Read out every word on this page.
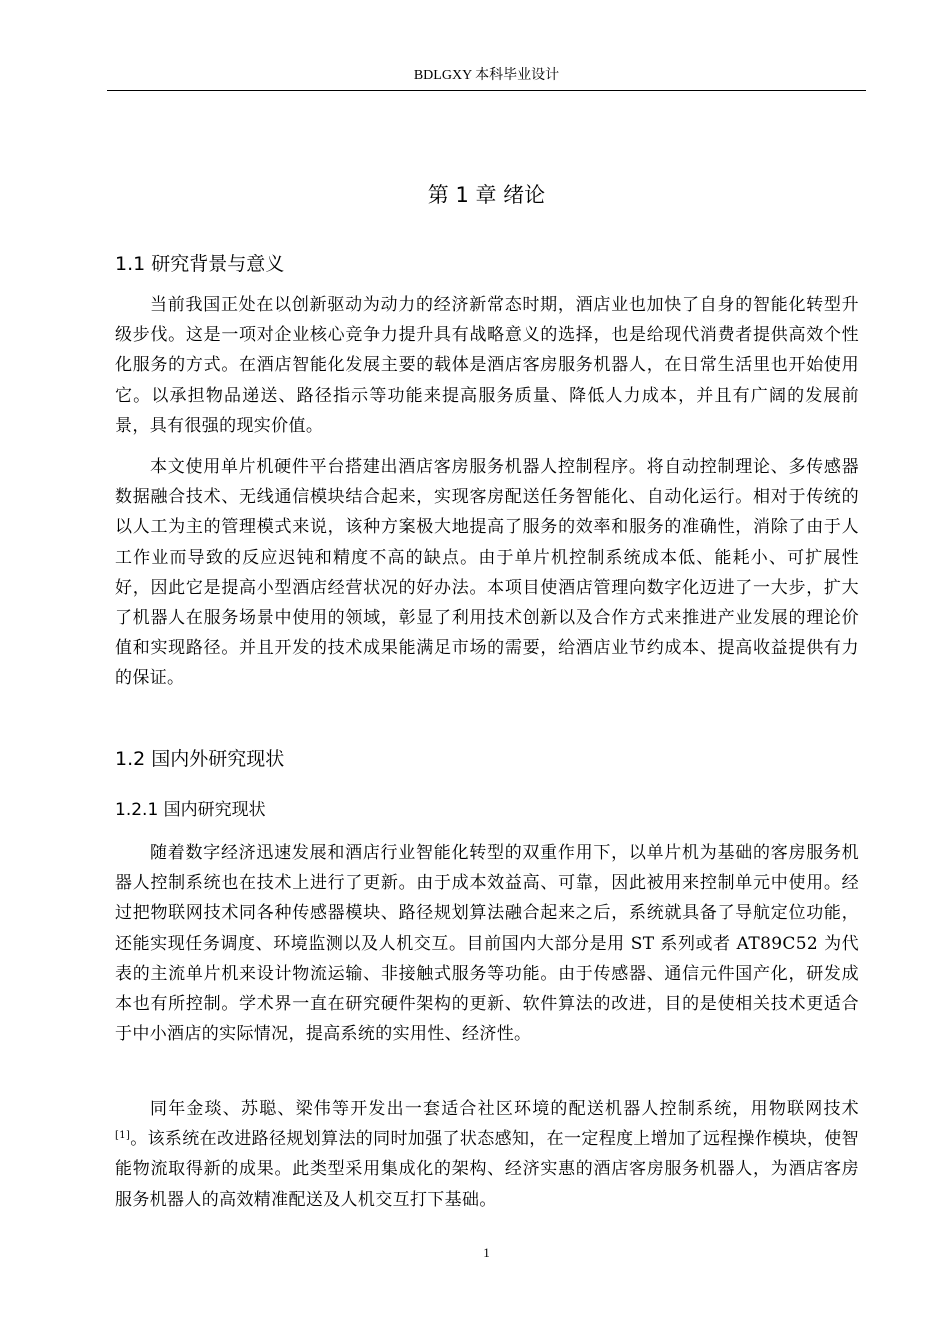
BDLGXY 本科毕业设计
第 1 章 绪论
1.1 研究背景与意义

当前我国正处在以创新驱动为动力的经济新常态时期，酒店业也加快了自身的智能化转型升级步伐。这是一项对企业核心竞争力提升具有战略意义的选择，也是给现代消费者提供高效个性化服务的方式。在酒店智能化发展主要的载体是酒店客房服务机器人，在日常生活里也开始使用它。以承担物品递送、路径指示等功能来提高服务质量、降低人力成本，并且有广阔的发展前景，具有很强的现实价值。

本文使用单片机硬件平台搭建出酒店客房服务机器人控制程序。将自动控制理论、多传感器数据融合技术、无线通信模块结合起来，实现客房配送任务智能化、自动化运行。相对于传统的以人工为主的管理模式来说，该种方案极大地提高了服务的效率和服务的准确性，消除了由于人工作业而导致的反应迟钝和精度不高的缺点。由于单片机控制系统成本低、能耗小、可扩展性好，因此它是提高小型酒店经营状况的好办法。本项目使酒店管理向数字化迈进了一大步，扩大了机器人在服务场景中使用的领域，彰显了利用技术创新以及合作方式来推进产业发展的理论价值和实现路径。并且开发的技术成果能满足市场的需要，给酒店业节约成本、提高收益提供有力的保证。

1.2 国内外研究现状
1.2.1 国内研究现状

随着数字经济迅速发展和酒店行业智能化转型的双重作用下，以单片机为基础的客房服务机器人控制系统也在技术上进行了更新。由于成本效益高、可靠，因此被用来控制单元中使用。经过把物联网技术同各种传感器模块、路径规划算法融合起来之后，系统就具备了导航定位功能，还能实现任务调度、环境监测以及人机交互。目前国内大部分是用 ST 系列或者 AT89C52 为代表的主流单片机来设计物流运输、非接触式服务等功能。由于传感器、通信元件国产化，研发成本也有所控制。学术界一直在研究硬件架构的更新、软件算法的改进，目的是使相关技术更适合于中小酒店的实际情况，提高系统的实用性、经济性。

同年金琰、苏聪、梁伟等开发出一套适合社区环境的配送机器人控制系统，用物联网技术[1]。该系统在改进路径规划算法的同时加强了状态感知，在一定程度上增加了远程操作模块，使智能物流取得新的成果。此类型采用集成化的架构、经济实惠的酒店客房服务机器人，为酒店客房服务机器人的高效精准配送及人机交互打下基础。

1
